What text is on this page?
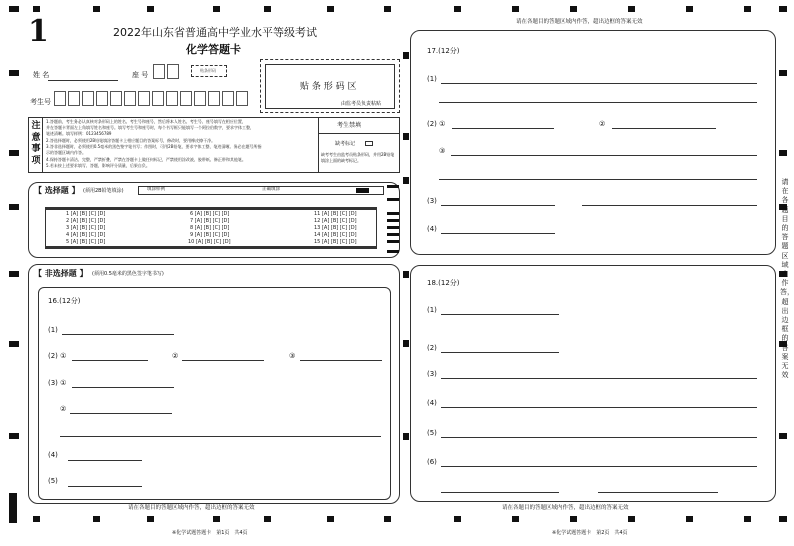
1	2022年山东省普通高中学业水平等级考试
化学答题卡
姓 名	座 号
贴条形码
考生号
贴 条 形 码 区
由监考员负责粘贴
注意事项
1.答题前，考生务必认真核对条形码上的姓名、考生号和座号，然后将本人姓名、考生号、座号填写在相应位置，
并在答题卡背面左上角填写姓名和座号。填写考生号和座号时，每个书写框只能填写一个阿拉伯数字，要求字体工整，
笔迹清晰。填写样例：0123456789
2.答选择题时，必须使用2B铅笔填涂答题卡上相应题目的答案标号，修改时，要用橡皮擦干净。
3.答非选择题时，必须使用0.5毫米的黑色签字笔书写；作图时，可用2B铅笔，要求字体工整、笔迹清晰。务必在题号所指
示的答题区域内作答。
4.保持答题卡清洁、完整，严禁折叠，严禁在答题卡上做任何标记，严禁使用涂改液、胶带纸、修正带和其他笔。
5.若未按上述要求填写、答题，影响评分质量，后果自负。
考生禁填
缺考标记
缺考考生由监考员贴条形码，并用2B铅笔填涂上面的缺考标记。
【 选择题 】 (须用2B铅笔填涂)	填涂样例	正确填涂
1 [A] [B] [C] [D]
2 [A] [B] [C] [D]
3 [A] [B] [C] [D]
4 [A] [B] [C] [D]
5 [A] [B] [C] [D]
6 [A] [B] [C] [D]
7 [A] [B] [C] [D]
8 [A] [B] [C] [D]
9 [A] [B] [C] [D]
10 [A] [B] [C] [D]
11 [A] [B] [C] [D]
12 [A] [B] [C] [D]
13 [A] [B] [C] [D]
14 [A] [B] [C] [D]
15 [A] [B] [C] [D]
【 非选择题 】 (须用0.5毫米的黑色签字笔书写)
16.(12分)
(1)
(2) ①	②	③
(3) ①
②
(4)
(5)
请在各题目的答题区域内作答，超出边框的答案无效
※化学试题答题卡　第1页　共4页
请在各题目的答题区域内作答，超出边框的答案无效
17.(12分)
(1)
(2) ①	②
③
(3)
(4)
18.(12分)
(1)
(2)
(3)
(4)
(5)
(6)
请在各题目的答题区域内作答，超出边框的答案无效
※化学试题答题卡　第2页　共4页
请在各题目的答题区域内作答，超出边框的答案无效
